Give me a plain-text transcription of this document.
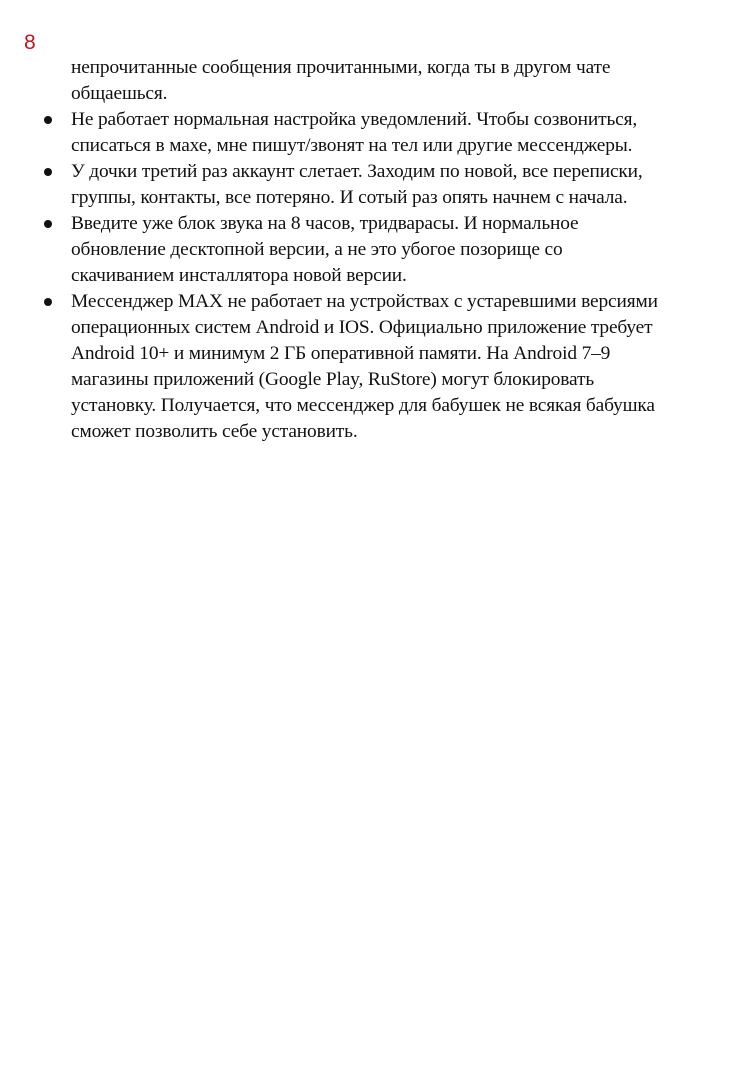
8
непрочитанные сообщения прочитанными, когда ты в другом чате
общаешься.
Не работает нормальная настройка уведомлений. Чтобы созвониться,
списаться в махе, мне пишут/звонят на тел или другие мессенджеры.
У дочки третий раз аккаунт слетает. Заходим по новой, все переписки,
группы, контакты, все потеряно. И сотый раз опять начнем с начала.
Введите уже блок звука на 8 часов, тридварасы. И нормальное
обновление десктопной версии, а не это убогое позорище со
скачиванием инсталлятора новой версии.
Мессенджер MAX не работает на устройствах с устаревшими версиями
операционных систем Android и IOS. Официально приложение требует
Android 10+ и минимум 2 ГБ оперативной памяти. На Android 7–9
магазины приложений (Google Play, RuStore) могут блокировать
установку. Получается, что мессенджер для бабушек не всякая бабушка
сможет позволить себе установить.
